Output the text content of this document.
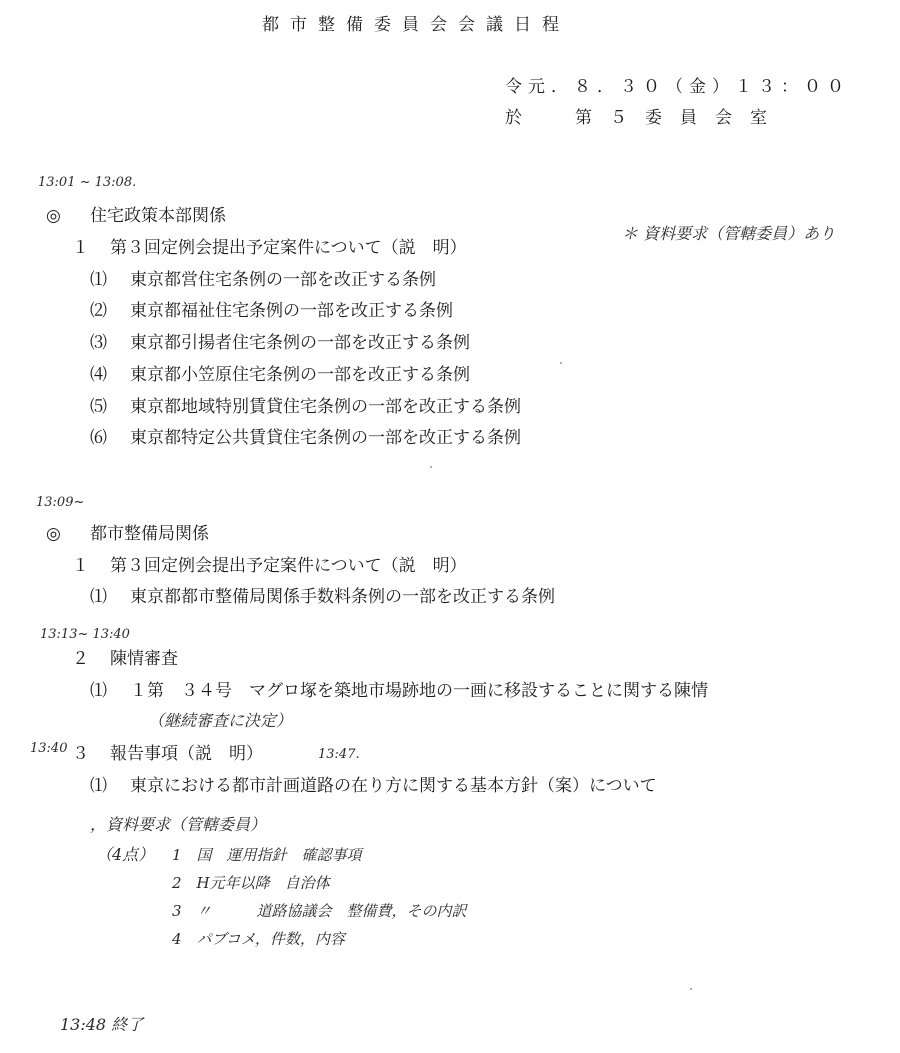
都市整備委員会会議日程
令元．８．３０（金）１３：００
於　第５委員会室
13:01 ~ 13:08.
◎ 住宅政策本部関係
＊ 資料要求（管轄委員）あり
１ 第３回定例会提出予定案件について（説　明）
⑴ 東京都営住宅条例の一部を改正する条例
⑵ 東京都福祉住宅条例の一部を改正する条例
⑶ 東京都引揚者住宅条例の一部を改正する条例
⑷ 東京都小笠原住宅条例の一部を改正する条例
⑸ 東京都地域特別賃貸住宅条例の一部を改正する条例
⑹ 東京都特定公共賃貸住宅条例の一部を改正する条例
13:09~
◎ 都市整備局関係
１ 第３回定例会提出予定案件について（説　明）
⑴ 東京都都市整備局関係手数料条例の一部を改正する条例
13:13~ 13:40
２ 陳情審査
⑴ １第　３４号　マグロ塚を築地市場跡地の一画に移設することに関する陳情
（継続審査に決定）
13:40 ３ 報告事項（説　明）	13:47.
⑴ 東京における都市計画道路の在り方に関する基本方針（案）について
，資料要求（管轄委員）
（4点） 1　国　運用指針　確認事項
2　H元年以降　自治体
3　〃　　　道路協議会　整備費，その内訳
4　パブコメ，件数，内容
13:48 終了
